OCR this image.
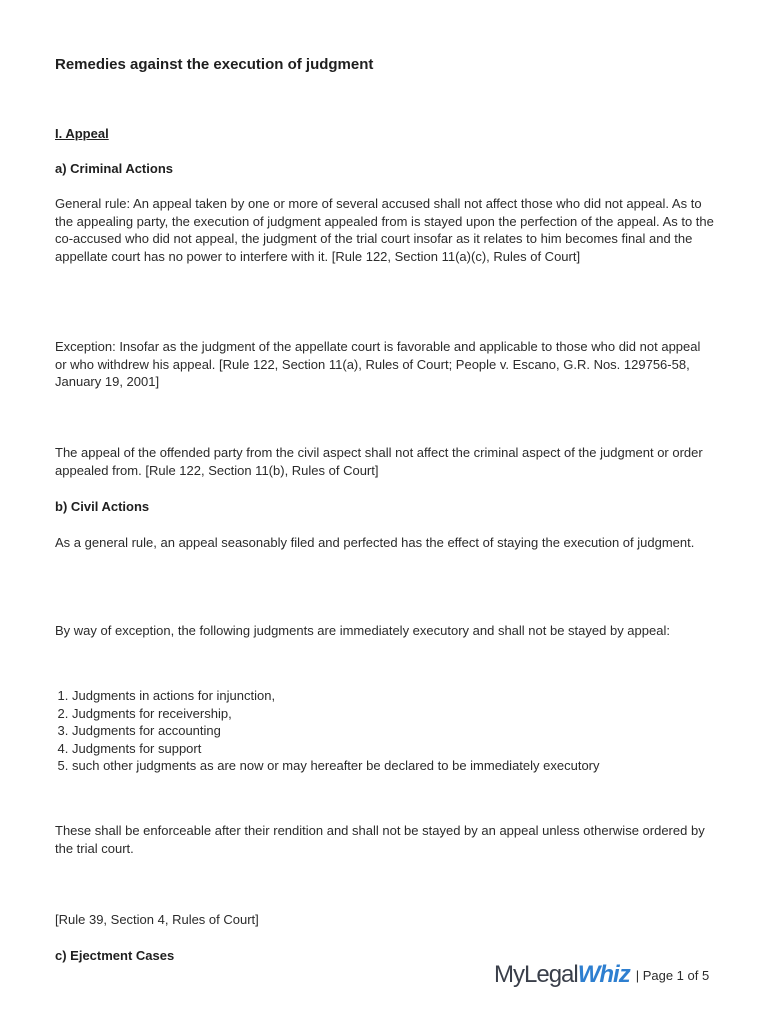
Remedies against the execution of judgment
I. Appeal
a) Criminal Actions
General rule: An appeal taken by one or more of several accused shall not affect those who did not appeal. As to the appealing party, the execution of judgment appealed from is stayed upon the perfection of the appeal. As to the co-accused who did not appeal, the judgment of the trial court insofar as it relates to him becomes final and the appellate court has no power to interfere with it. [Rule 122, Section 11(a)(c), Rules of Court]
Exception: Insofar as the judgment of the appellate court is favorable and applicable to those who did not appeal or who withdrew his appeal. [Rule 122, Section 11(a), Rules of Court; People v. Escano, G.R. Nos. 129756-58, January 19, 2001]
The appeal of the offended party from the civil aspect shall not affect the criminal aspect of the judgment or order appealed from. [Rule 122, Section 11(b), Rules of Court]
b) Civil Actions
As a general rule, an appeal seasonably filed and perfected has the effect of staying the execution of judgment.
By way of exception, the following judgments are immediately executory and shall not be stayed by appeal:
1. Judgments in actions for injunction,
2. Judgments for receivership,
3. Judgments for accounting
4. Judgments for support
5. such other judgments as are now or may hereafter be declared to be immediately executory
These shall be enforceable after their rendition and shall not be stayed by an appeal unless otherwise ordered by the trial court.
[Rule 39, Section 4, Rules of Court]
c) Ejectment Cases
MyLegalWhiz | Page 1 of 5
